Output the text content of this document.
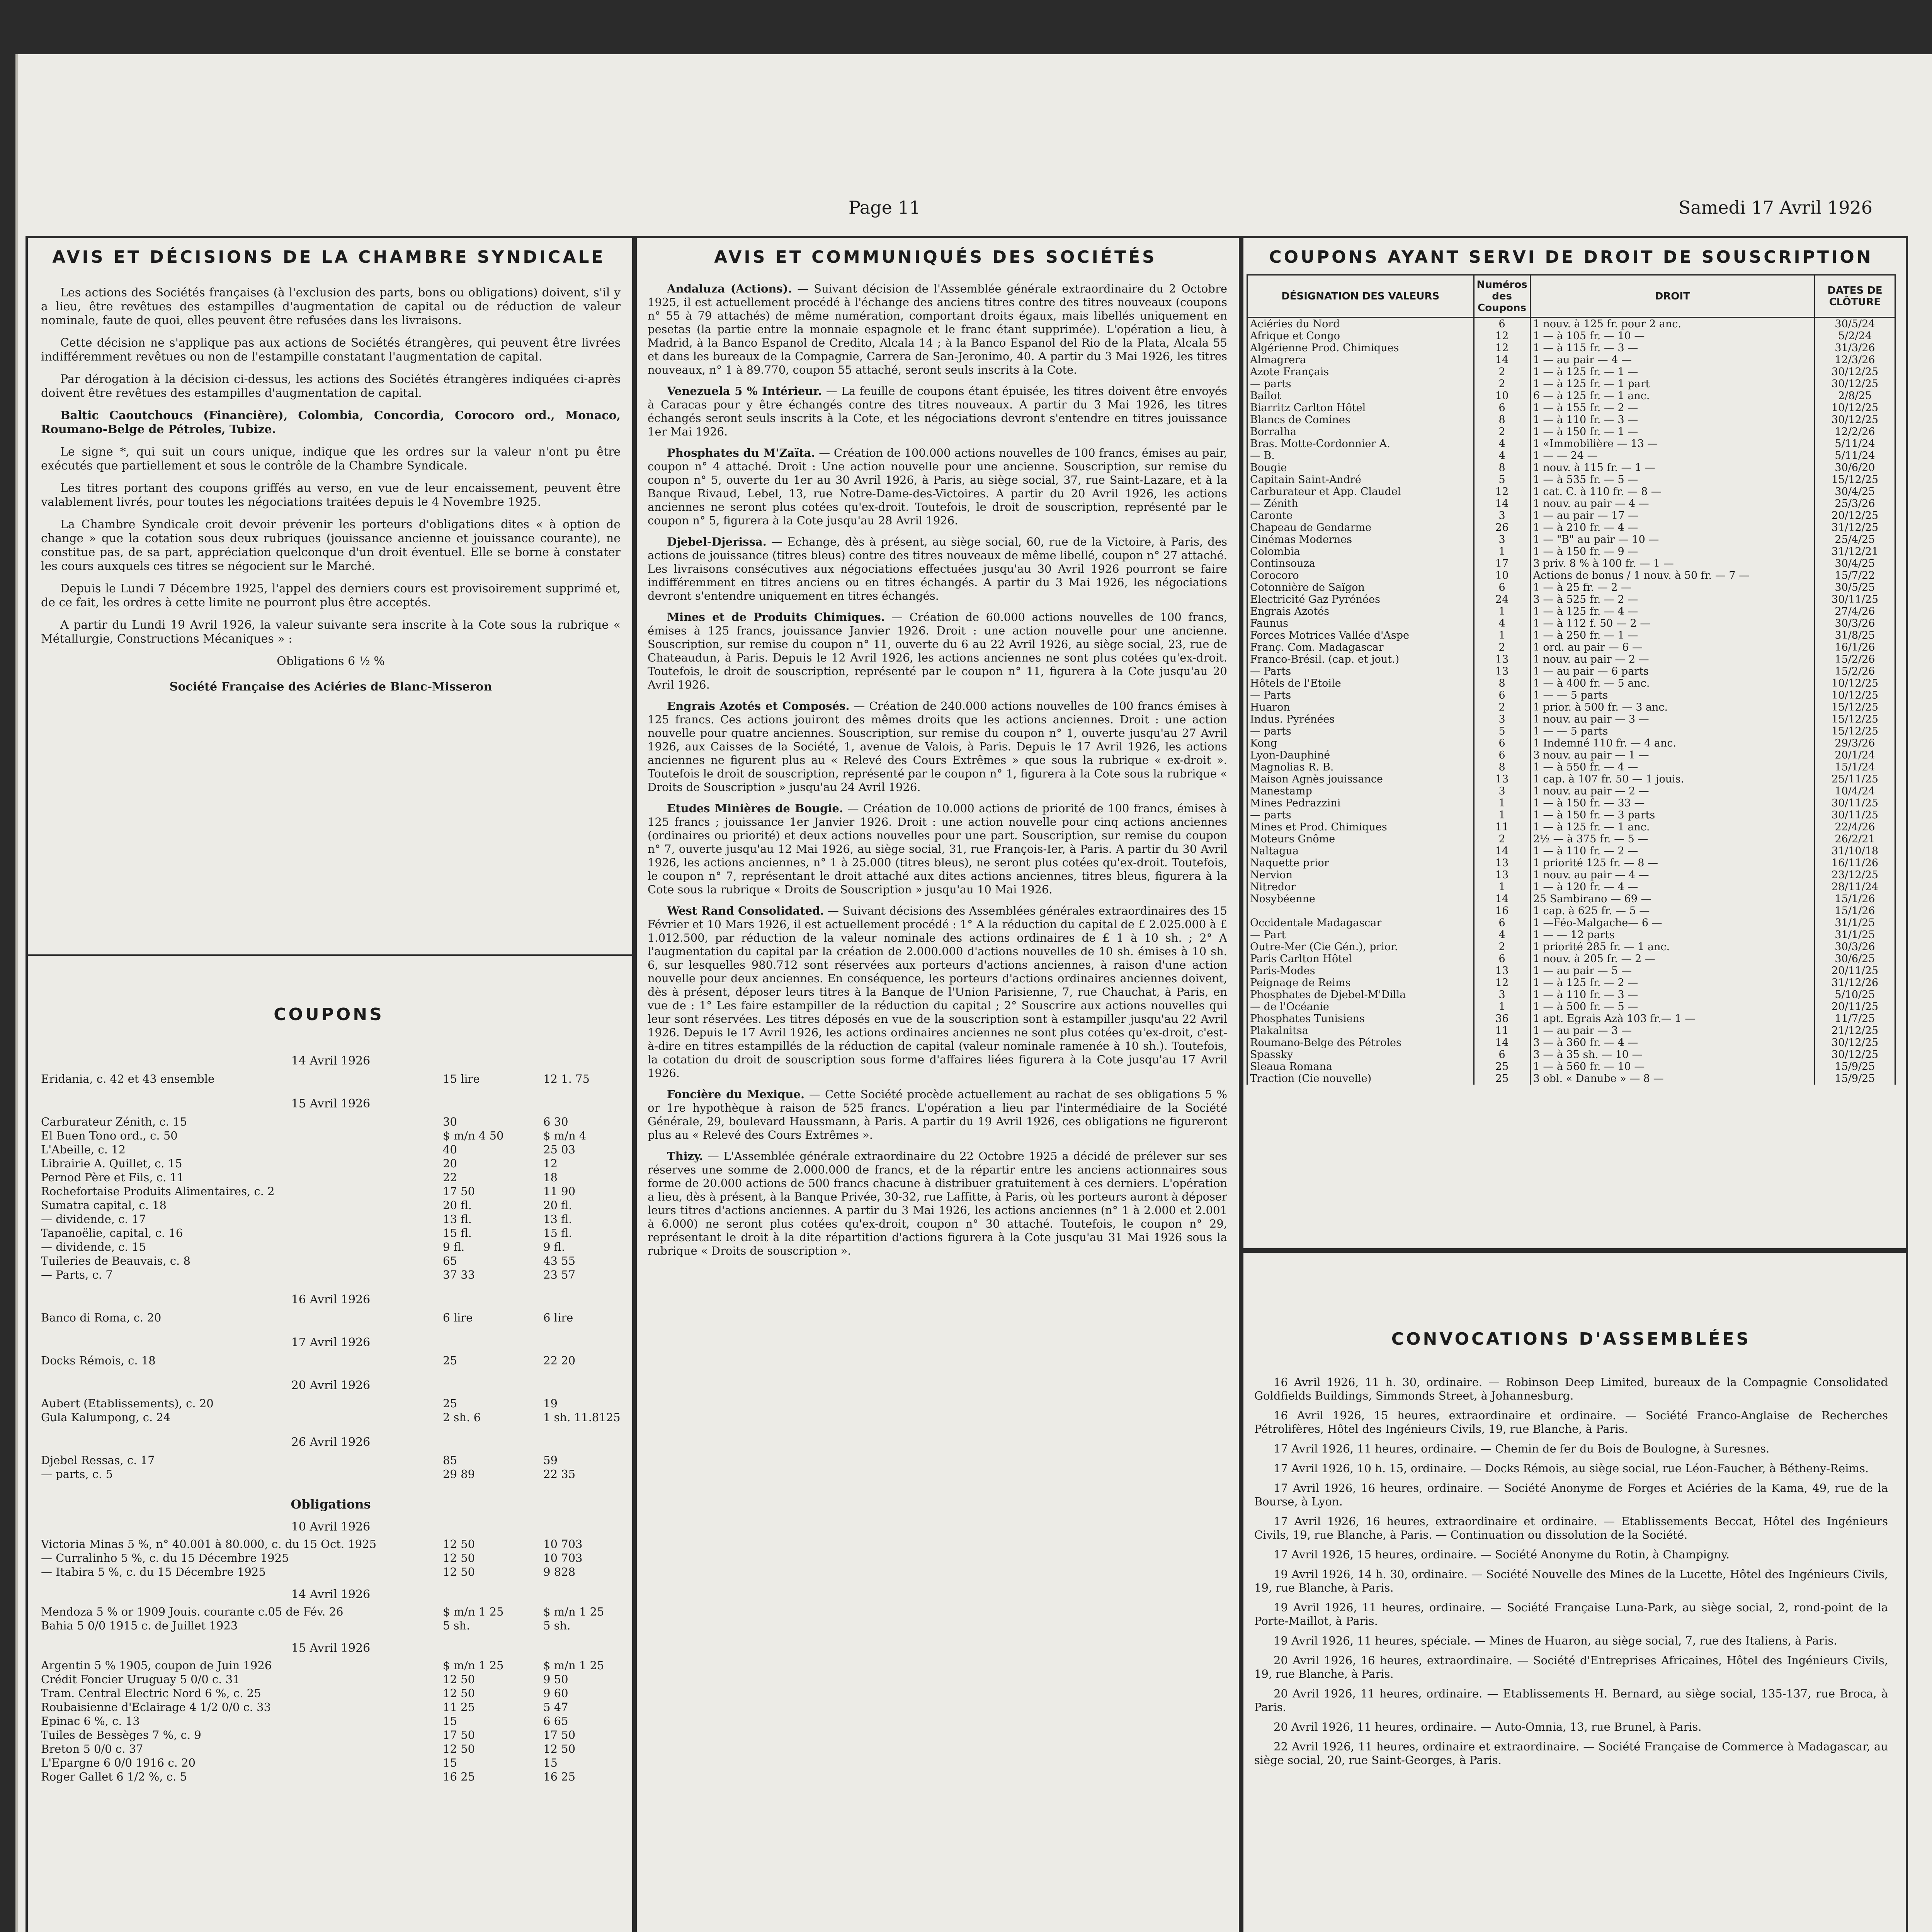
Page 11	Samedi 17 Avril 1926
AVIS ET DÉCISIONS DE LA CHAMBRE SYNDICALE
Les actions des Sociétés françaises (à l'exclusion des parts, bons ou obligations) doivent, s'il y a lieu, être revêtues des estampilles d'augmentation de capital ou de réduction de valeur nominale, faute de quoi, elles peuvent être refusées dans les livraisons.
Cette décision ne s'applique pas aux actions de Sociétés étrangères, qui peuvent être livrées indifféremment revêtues ou non de l'estampille constatant l'augmentation de capital.
Par dérogation à la décision ci-dessus, les actions des Sociétés étrangères indiquées ci-après doivent être revêtues des estampilles d'augmentation de capital.
Baltic Caoutchoucs (Financière), Colombia, Concordia, Corocoro ord., Monaco, Roumano-Belge de Pétroles, Tubize.
Le signe *, qui suit un cours unique, indique que les ordres sur la valeur n'ont pu être exécutés que partiellement et sous le contrôle de la Chambre Syndicale.
Les titres portant des coupons griffés au verso, en vue de leur encaissement, peuvent être valablement livrés, pour toutes les négociations traitées depuis le 4 Novembre 1925.
La Chambre Syndicale croit devoir prévenir les porteurs d'obligations dites « à option de change » que la cotation sous deux rubriques (jouissance ancienne et jouissance courante), ne constitue pas, de sa part, appréciation quelconque d'un droit éventuel. Elle se borne à constater les cours auxquels ces titres se négocient sur le Marché.
Depuis le Lundi 7 Décembre 1925, l'appel des derniers cours est provisoirement supprimé et, de ce fait, les ordres à cette limite ne pourront plus être acceptés.
A partir du Lundi 19 Avril 1926, la valeur suivante sera inscrite à la Cote sous la rubrique « Métallurgie, Constructions Mécaniques » :
Obligations 6 ½ %
Société Française des Aciéries de Blanc-Misseron
COUPONS
14 Avril 1926
Eridania, c. 42 et 43 ensemble	15 lire	12 1. 75
15 Avril 1926
Carburateur Zénith, c. 15	30	6 30
El Buen Tono ord., c. 50	$ m/n 4 50	$ m/n 4
L'Abeille, c. 12	40	25 03
Librairie A. Quillet, c. 15	20	12
Pernod Père et Fils, c. 11	22	18
Rochefortaise Produits Alimentaires, c. 2	17 50	11 90
Sumatra capital, c. 18	20 fl.	20 fl.
— dividende, c. 17	13 fl.	13 fl.
Tapanoëlie, capital, c. 16	15 fl.	15 fl.
— dividende, c. 15	9 fl.	9 fl.
Tuileries de Beauvais, c. 8	65	43 55
— Parts, c. 7	37 33	23 57
16 Avril 1926
Banco di Roma, c. 20	6 lire	6 lire
17 Avril 1926
Docks Rémois, c. 18	25	22 20
20 Avril 1926
Aubert (Etablissements), c. 20	25	19
Gula Kalumpong, c. 24	2 sh. 6	1 sh. 11.8125
26 Avril 1926
Djebel Ressas, c. 17	85	59
— parts, c. 5	29 89	22 35
Obligations
10 Avril 1926
Victoria Minas 5 %, n° 40.001 à 80.000, c. du 15 Oct. 1925	12 50	10 703
— Curralinho 5 %, c. du 15 Décembre 1925	12 50	10 703
— Itabira 5 %, c. du 15 Décembre 1925	12 50	9 828
14 Avril 1926
Mendoza 5 % or 1909 Jouis. courante c.05 de Fév. 26	$ m/n 1 25	$ m/n 1 25
Bahia 5 0/0 1915 c. de Juillet 1923	5 sh.	5 sh.
15 Avril 1926
Argentin 5 % 1905, coupon de Juin 1926	$ m/n 1 25	$ m/n 1 25
Crédit Foncier Uruguay 5 0/0 c. 31	12 50	9 50
Tram. Central Electric Nord 6 %, c. 25	12 50	9 60
Roubaisienne d'Eclairage 4 1/2 0/0 c. 33	11 25	5 47
Epinac 6 %, c. 13	15	6 65
Tuiles de Bessèges 7 %, c. 9	17 50	17 50
Breton 5 0/0 c. 37	12 50	12 50
L'Epargne 6 0/0 1916 c. 20	15	15
Roger Gallet 6 1/2 %, c. 5	16 25	16 25
AVIS ET COMMUNIQUÉS DES SOCIÉTÉS
Andaluza (Actions). — Suivant décision de l'Assemblée générale extraordinaire du 2 Octobre 1925, il est actuellement procédé à l'échange des anciens titres contre des titres nouveaux (coupons n° 55 à 79 attachés) de même numération, comportant droits égaux, mais libellés uniquement en pesetas (la partie entre la monnaie espagnole et le franc étant supprimée). L'opération a lieu, à Madrid, à la Banco Espanol de Credito, Alcala 14 ; à la Banco Espanol del Rio de la Plata, Alcala 55 et dans les bureaux de la Compagnie, Carrera de San-Jeronimo, 40. A partir du 3 Mai 1926, les titres nouveaux, n° 1 à 89.770, coupon 55 attaché, seront seuls inscrits à la Cote.
Venezuela 5 % Intérieur. — La feuille de coupons étant épuisée, les titres doivent être envoyés à Caracas pour y être échangés contre des titres nouveaux. A partir du 3 Mai 1926, les titres échangés seront seuls inscrits à la Cote, et les négociations devront s'entendre en titres jouissance 1er Mai 1926.
Phosphates du M'Zaïta. — Création de 100.000 actions nouvelles de 100 francs, émises au pair, coupon n° 4 attaché. Droit : Une action nouvelle pour une ancienne. Souscription, sur remise du coupon n° 5, ouverte du 1er au 30 Avril 1926, à Paris, au siège social, 37, rue Saint-Lazare, et à la Banque Rivaud, Lebel, 13, rue Notre-Dame-des-Victoires. A partir du 20 Avril 1926, les actions anciennes ne seront plus cotées qu'ex-droit. Toutefois, le droit de souscription, représenté par le coupon n° 5, figurera à la Cote jusqu'au 28 Avril 1926.
Djebel-Djerissa. — Echange, dès à présent, au siège social, 60, rue de la Victoire, à Paris, des actions de jouissance (titres bleus) contre des titres nouveaux de même libellé, coupon n° 27 attaché. Les livraisons consécutives aux négociations effectuées jusqu'au 30 Avril 1926 pourront se faire indifféremment en titres anciens ou en titres échangés. A partir du 3 Mai 1926, les négociations devront s'entendre uniquement en titres échangés.
Mines et de Produits Chimiques. — Création de 60.000 actions nouvelles de 100 francs, émises à 125 francs, jouissance Janvier 1926. Droit : une action nouvelle pour une ancienne. Souscription, sur remise du coupon n° 11, ouverte du 6 au 22 Avril 1926, au siège social, 23, rue de Chateaudun, à Paris. Depuis le 12 Avril 1926, les actions anciennes ne sont plus cotées qu'ex-droit. Toutefois, le droit de souscription, représenté par le coupon n° 11, figurera à la Cote jusqu'au 20 Avril 1926.
Engrais Azotés et Composés. — Création de 240.000 actions nouvelles de 100 francs émises à 125 francs. Ces actions jouiront des mêmes droits que les actions anciennes. Droit : une action nouvelle pour quatre anciennes. Souscription, sur remise du coupon n° 1, ouverte jusqu'au 27 Avril 1926, aux Caisses de la Société, 1, avenue de Valois, à Paris. Depuis le 17 Avril 1926, les actions anciennes ne figurent plus au « Relevé des Cours Extrêmes » que sous la rubrique « ex-droit ». Toutefois le droit de souscription, représenté par le coupon n° 1, figurera à la Cote sous la rubrique « Droits de Souscription » jusqu'au 24 Avril 1926.
Etudes Minières de Bougie. — Création de 10.000 actions de priorité de 100 francs, émises à 125 francs ; jouissance 1er Janvier 1926. Droit : une action nouvelle pour cinq actions anciennes (ordinaires ou priorité) et deux actions nouvelles pour une part. Souscription, sur remise du coupon n° 7, ouverte jusqu'au 12 Mai 1926, au siège social, 31, rue François-Ier, à Paris. A partir du 30 Avril 1926, les actions anciennes, n° 1 à 25.000 (titres bleus), ne seront plus cotées qu'ex-droit. Toutefois, le coupon n° 7, représentant le droit attaché aux dites actions anciennes, titres bleus, figurera à la Cote sous la rubrique « Droits de Souscription » jusqu'au 10 Mai 1926.
West Rand Consolidated. — Suivant décisions des Assemblées générales extraordinaires des 15 Février et 10 Mars 1926, il est actuellement procédé : 1° A la réduction du capital de £ 2.025.000 à £ 1.012.500, par réduction de la valeur nominale des actions ordinaires de £ 1 à 10 sh. ; 2° A l'augmentation du capital par la création de 2.000.000 d'actions nouvelles de 10 sh. émises à 10 sh. 6, sur lesquelles 980.712 sont réservées aux porteurs d'actions anciennes, à raison d'une action nouvelle pour deux anciennes. En conséquence, les porteurs d'actions ordinaires anciennes doivent, dès à présent, déposer leurs titres à la Banque de l'Union Parisienne, 7, rue Chauchat, à Paris, en vue de : 1° Les faire estampiller de la réduction du capital ; 2° Souscrire aux actions nouvelles qui leur sont réservées. Les titres déposés en vue de la souscription sont à estampiller jusqu'au 22 Avril 1926. Depuis le 17 Avril 1926, les actions ordinaires anciennes ne sont plus cotées qu'ex-droit, c'est-à-dire en titres estampillés de la réduction de capital (valeur nominale ramenée à 10 sh.). Toutefois, la cotation du droit de souscription sous forme d'affaires liées figurera à la Cote jusqu'au 17 Avril 1926.
Foncière du Mexique. — Cette Société procède actuellement au rachat de ses obligations 5 % or 1re hypothèque à raison de 525 francs. L'opération a lieu par l'intermédiaire de la Société Générale, 29, boulevard Haussmann, à Paris. A partir du 19 Avril 1926, ces obligations ne figureront plus au « Relevé des Cours Extrêmes ».
Thizy. — L'Assemblée générale extraordinaire du 22 Octobre 1925 a décidé de prélever sur ses réserves une somme de 2.000.000 de francs, et de la répartir entre les anciens actionnaires sous forme de 20.000 actions de 500 francs chacune à distribuer gratuitement à ces derniers. L'opération a lieu, dès à présent, à la Banque Privée, 30-32, rue Laffitte, à Paris, où les porteurs auront à déposer leurs titres d'actions anciennes. A partir du 3 Mai 1926, les actions anciennes (n° 1 à 2.000 et 2.001 à 6.000) ne seront plus cotées qu'ex-droit, coupon n° 30 attaché. Toutefois, le coupon n° 29, représentant le droit à la dite répartition d'actions figurera à la Cote jusqu'au 31 Mai 1926 sous la rubrique « Droits de souscription ».
COUPONS AYANT SERVI DE DROIT DE SOUSCRIPTION
DÉSIGNATION DES VALEURS	Numéros des Coupons	DROIT	DATES DE CLÔTURE
Aciéries du Nord	6	1 nouv. à 125 fr. pour 2 anc.	30/5/24
Afrique et Congo	12	1 — à 105 fr. — 10 —	5/2/24
Algérienne Prod. Chimiques	12	1 — à 115 fr. — 3 —	31/3/26
Almagrera	14	1 — au pair — 4 —	12/3/26
Azote Français	2	1 — à 125 fr. — 1 —	30/12/25
— parts	2	1 — à 125 fr. — 1 part	30/12/25
Bailot	10	6 — à 125 fr. — 1 anc.	2/8/25
Biarritz Carlton Hôtel	6	1 — à 155 fr. — 2 —	10/12/25
Blancs de Comines	8	1 — à 110 fr. — 3 —	30/12/25
Borralha	2	1 — à 150 fr. — 1 —	12/2/26
Bras. Motte-Cordonnier A.	4	1 «Immobilière — 13 —	5/11/24
— B.	4	1 — — 24 —	5/11/24
Bougie	8	1 nouv. à 115 fr. — 1 —	30/6/20
Capitain Saint-André	5	1 — à 535 fr. — 5 —	15/12/25
Carburateur et App. Claudel	12	1 cat. C. à 110 fr. — 8 —	30/4/25
— Zénith	14	1 nouv. au pair — 4 —	25/3/26
Caronte	3	1 — au pair — 17 —	20/12/25
Chapeau de Gendarme	26	1 — à 210 fr. — 4 —	31/12/25
Cinémas Modernes	3	1 — "B" au pair — 10 —	25/4/25
Colombia	1	1 — à 150 fr. — 9 —	31/12/21
Continsouza	17	3 priv. 8 % à 100 fr. — 1 —	30/4/25
Corocoro	10	Actions de bonus / 1 nouv. à 50 fr. — 7 —	15/7/22
Cotonnière de Saïgon	6	1 — à 25 fr. — 2 —	30/5/25
Electricité Gaz Pyrénées	24	3 — à 525 fr. — 2 —	30/11/25
Engrais Azotés	1	1 — à 125 fr. — 4 —	27/4/26
Faunus	4	1 — à 112 f. 50 — 2 —	30/3/26
Forces Motrices Vallée d'Aspe	1	1 — à 250 fr. — 1 —	31/8/25
Franç. Com. Madagascar	2	1 ord. au pair — 6 —	16/1/26
Franco-Brésil. (cap. et jout.)	13	1 nouv. au pair — 2 —	15/2/26
— Parts	13	1 — au pair — 6 parts	15/2/26
Hôtels de l'Etoile	8	1 — à 400 fr. — 5 anc.	10/12/25
— Parts	6	1 — — 5 parts	10/12/25
Huaron	2	1 prior. à 500 fr. — 3 anc.	15/12/25
Indus. Pyrénées	3	1 nouv. au pair — 3 —	15/12/25
— parts	5	1 — — 5 parts	15/12/25
Kong	6	1 Indemné 110 fr. — 4 anc.	29/3/26
Lyon-Dauphiné	6	3 nouv. au pair — 1 —	20/1/24
Magnolias R. B.	8	1 — à 550 fr. — 4 —	15/1/24
Maison Agnès jouissance	13	1 cap. à 107 fr. 50 — 1 jouis.	25/11/25
Manestamp	3	1 nouv. au pair — 2 —	10/4/24
Mines Pedrazzini	1	1 — à 150 fr. — 33 —	30/11/25
— parts	1	1 — à 150 fr. — 3 parts	30/11/25
Mines et Prod. Chimiques	11	1 — à 125 fr. — 1 anc.	22/4/26
Moteurs Gnôme	2	2½ — à 375 fr. — 5 —	26/2/21
Naltagua	14	1 — à 110 fr. — 2 —	31/10/18
Naquette prior	13	1 priorité 125 fr. — 8 —	16/11/26
Nervion	13	1 nouv. au pair — 4 —	23/12/25
Nitredor	1	1 — à 120 fr. — 4 —	28/11/24
Nosybéenne	14	25 Sambirano — 69 —	15/1/26
	16	1 cap. à 625 fr. — 5 —	15/1/26
Occidentale Madagascar	6	1 —Féo-Malgache— 6 —	31/1/25
— Part	4	1 — — 12 parts	31/1/25
Outre-Mer (Cie Gén.), prior.	2	1 priorité 285 fr. — 1 anc.	30/3/26
Paris Carlton Hôtel	6	1 nouv. à 205 fr. — 2 —	30/6/25
Paris-Modes	13	1 — au pair — 5 —	20/11/25
Peignage de Reims	12	1 — à 125 fr. — 2 —	31/12/26
Phosphates de Djebel-M'Dilla	3	1 — à 110 fr. — 3 —	5/10/25
— de l'Océanie	1	1 — à 500 fr. — 5 —	20/11/25
Phosphates Tunisiens	36	1 apt. Egrais Azà 103 fr.— 1 —	11/7/25
Plakalnitsa	11	1 — au pair — 3 —	21/12/25
Roumano-Belge des Pétroles	14	3 — à 360 fr. — 4 —	30/12/25
Spassky	6	3 — à 35 sh. — 10 —	30/12/25
Sleaua Romana	25	1 — à 560 fr. — 10 —	15/9/25
Traction (Cie nouvelle)	25	3 obl. « Danube » — 8 —	15/9/25
CONVOCATIONS D'ASSEMBLÉES
16 Avril 1926, 11 h. 30, ordinaire. — Robinson Deep Limited, bureaux de la Compagnie Consolidated Goldfields Buildings, Simmonds Street, à Johannesburg.
16 Avril 1926, 15 heures, extraordinaire et ordinaire. — Société Franco-Anglaise de Recherches Pétrolifères, Hôtel des Ingénieurs Civils, 19, rue Blanche, à Paris.
17 Avril 1926, 11 heures, ordinaire. — Chemin de fer du Bois de Boulogne, à Suresnes.
17 Avril 1926, 10 h. 15, ordinaire. — Docks Rémois, au siège social, rue Léon-Faucher, à Bétheny-Reims.
17 Avril 1926, 16 heures, ordinaire. — Société Anonyme de Forges et Aciéries de la Kama, 49, rue de la Bourse, à Lyon.
17 Avril 1926, 16 heures, extraordinaire et ordinaire. — Etablissements Beccat, Hôtel des Ingénieurs Civils, 19, rue Blanche, à Paris. — Continuation ou dissolution de la Société.
17 Avril 1926, 15 heures, ordinaire. — Société Anonyme du Rotin, à Champigny.
19 Avril 1926, 14 h. 30, ordinaire. — Société Nouvelle des Mines de la Lucette, Hôtel des Ingénieurs Civils, 19, rue Blanche, à Paris.
19 Avril 1926, 11 heures, ordinaire. — Société Française Luna-Park, au siège social, 2, rond-point de la Porte-Maillot, à Paris.
19 Avril 1926, 11 heures, spéciale. — Mines de Huaron, au siège social, 7, rue des Italiens, à Paris.
20 Avril 1926, 16 heures, extraordinaire. — Société d'Entreprises Africaines, Hôtel des Ingénieurs Civils, 19, rue Blanche, à Paris.
20 Avril 1926, 11 heures, ordinaire. — Etablissements H. Bernard, au siège social, 135-137, rue Broca, à Paris.
20 Avril 1926, 11 heures, ordinaire. — Auto-Omnia, 13, rue Brunel, à Paris.
22 Avril 1926, 11 heures, ordinaire et extraordinaire. — Société Française de Commerce à Madagascar, au siège social, 20, rue Saint-Georges, à Paris.
